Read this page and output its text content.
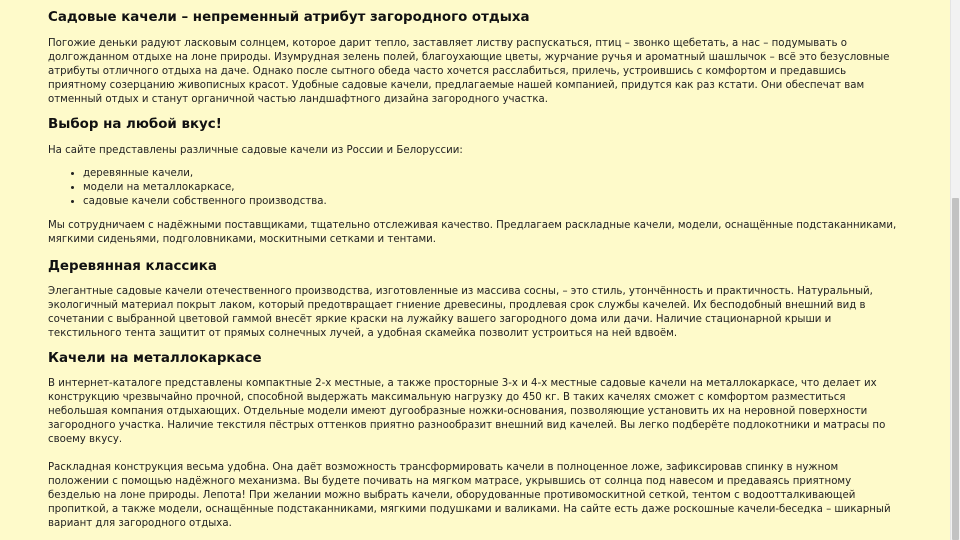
Садовые качели – непременный атрибут загородного отдыха

Погожие деньки радуют ласковым солнцем, которое дарит тепло, заставляет листву распускаться, птиц – звонко щебетать, а нас – подумывать о долгожданном отдыхе на лоне природы. Изумрудная зелень полей, благоухающие цветы, журчание ручья и ароматный шашлычок – всё это безусловные атрибуты отличного отдыха на даче. Однако после сытного обеда часто хочется расслабиться, прилечь, устроившись с комфортом и предавшись приятному созерцанию живописных красот. Удобные садовые качели, предлагаемые нашей компанией, придутся как раз кстати. Они обеспечат вам отменный отдых и станут органичной частью ландшафтного дизайна загородного участка.

Выбор на любой вкус!

На сайте представлены различные садовые качели из России и Белоруссии:

• деревянные качели,
• модели на металлокаркасе,
• садовые качели собственного производства.

Мы сотрудничаем с надёжными поставщиками, тщательно отслеживая качество. Предлагаем раскладные качели, модели, оснащённые подстаканниками, мягкими сиденьями, подголовниками, москитными сетками и тентами.

Деревянная классика

Элегантные садовые качели отечественного производства, изготовленные из массива сосны, – это стиль, утончённость и практичность. Натуральный, экологичный материал покрыт лаком, который предотвращает гниение древесины, продлевая срок службы качелей. Их бесподобный внешний вид в сочетании с выбранной цветовой гаммой внесёт яркие краски на лужайку вашего загородного дома или дачи. Наличие стационарной крыши и текстильного тента защитит от прямых солнечных лучей, а удобная скамейка позволит устроиться на ней вдвоём.

Качели на металлокаркасе

В интернет-каталоге представлены компактные 2-х местные, а также просторные 3-х и 4-х местные садовые качели на металлокаркасе, что делает их конструкцию чрезвычайно прочной, способной выдержать максимальную нагрузку до 450 кг. В таких качелях сможет с комфортом разместиться небольшая компания отдыхающих. Отдельные модели имеют дугообразные ножки-основания, позволяющие установить их на неровной поверхности загородного участка. Наличие текстиля пёстрых оттенков приятно разнообразит внешний вид качелей. Вы легко подберёте подлокотники и матрасы по своему вкусу.

Раскладная конструкция весьма удобна. Она даёт возможность трансформировать качели в полноценное ложе, зафиксировав спинку в нужном положении с помощью надёжного механизма. Вы будете почивать на мягком матрасе, укрывшись от солнца под навесом и предаваясь приятному безделью на лоне природы. Лепота! При желании можно выбрать качели, оборудованные противомоскитной сеткой, тентом с водоотталкивающей пропиткой, а также модели, оснащённые подстаканниками, мягкими подушками и валиками. На сайте есть даже роскошные качели-беседка – шикарный вариант для загородного отдыха.
